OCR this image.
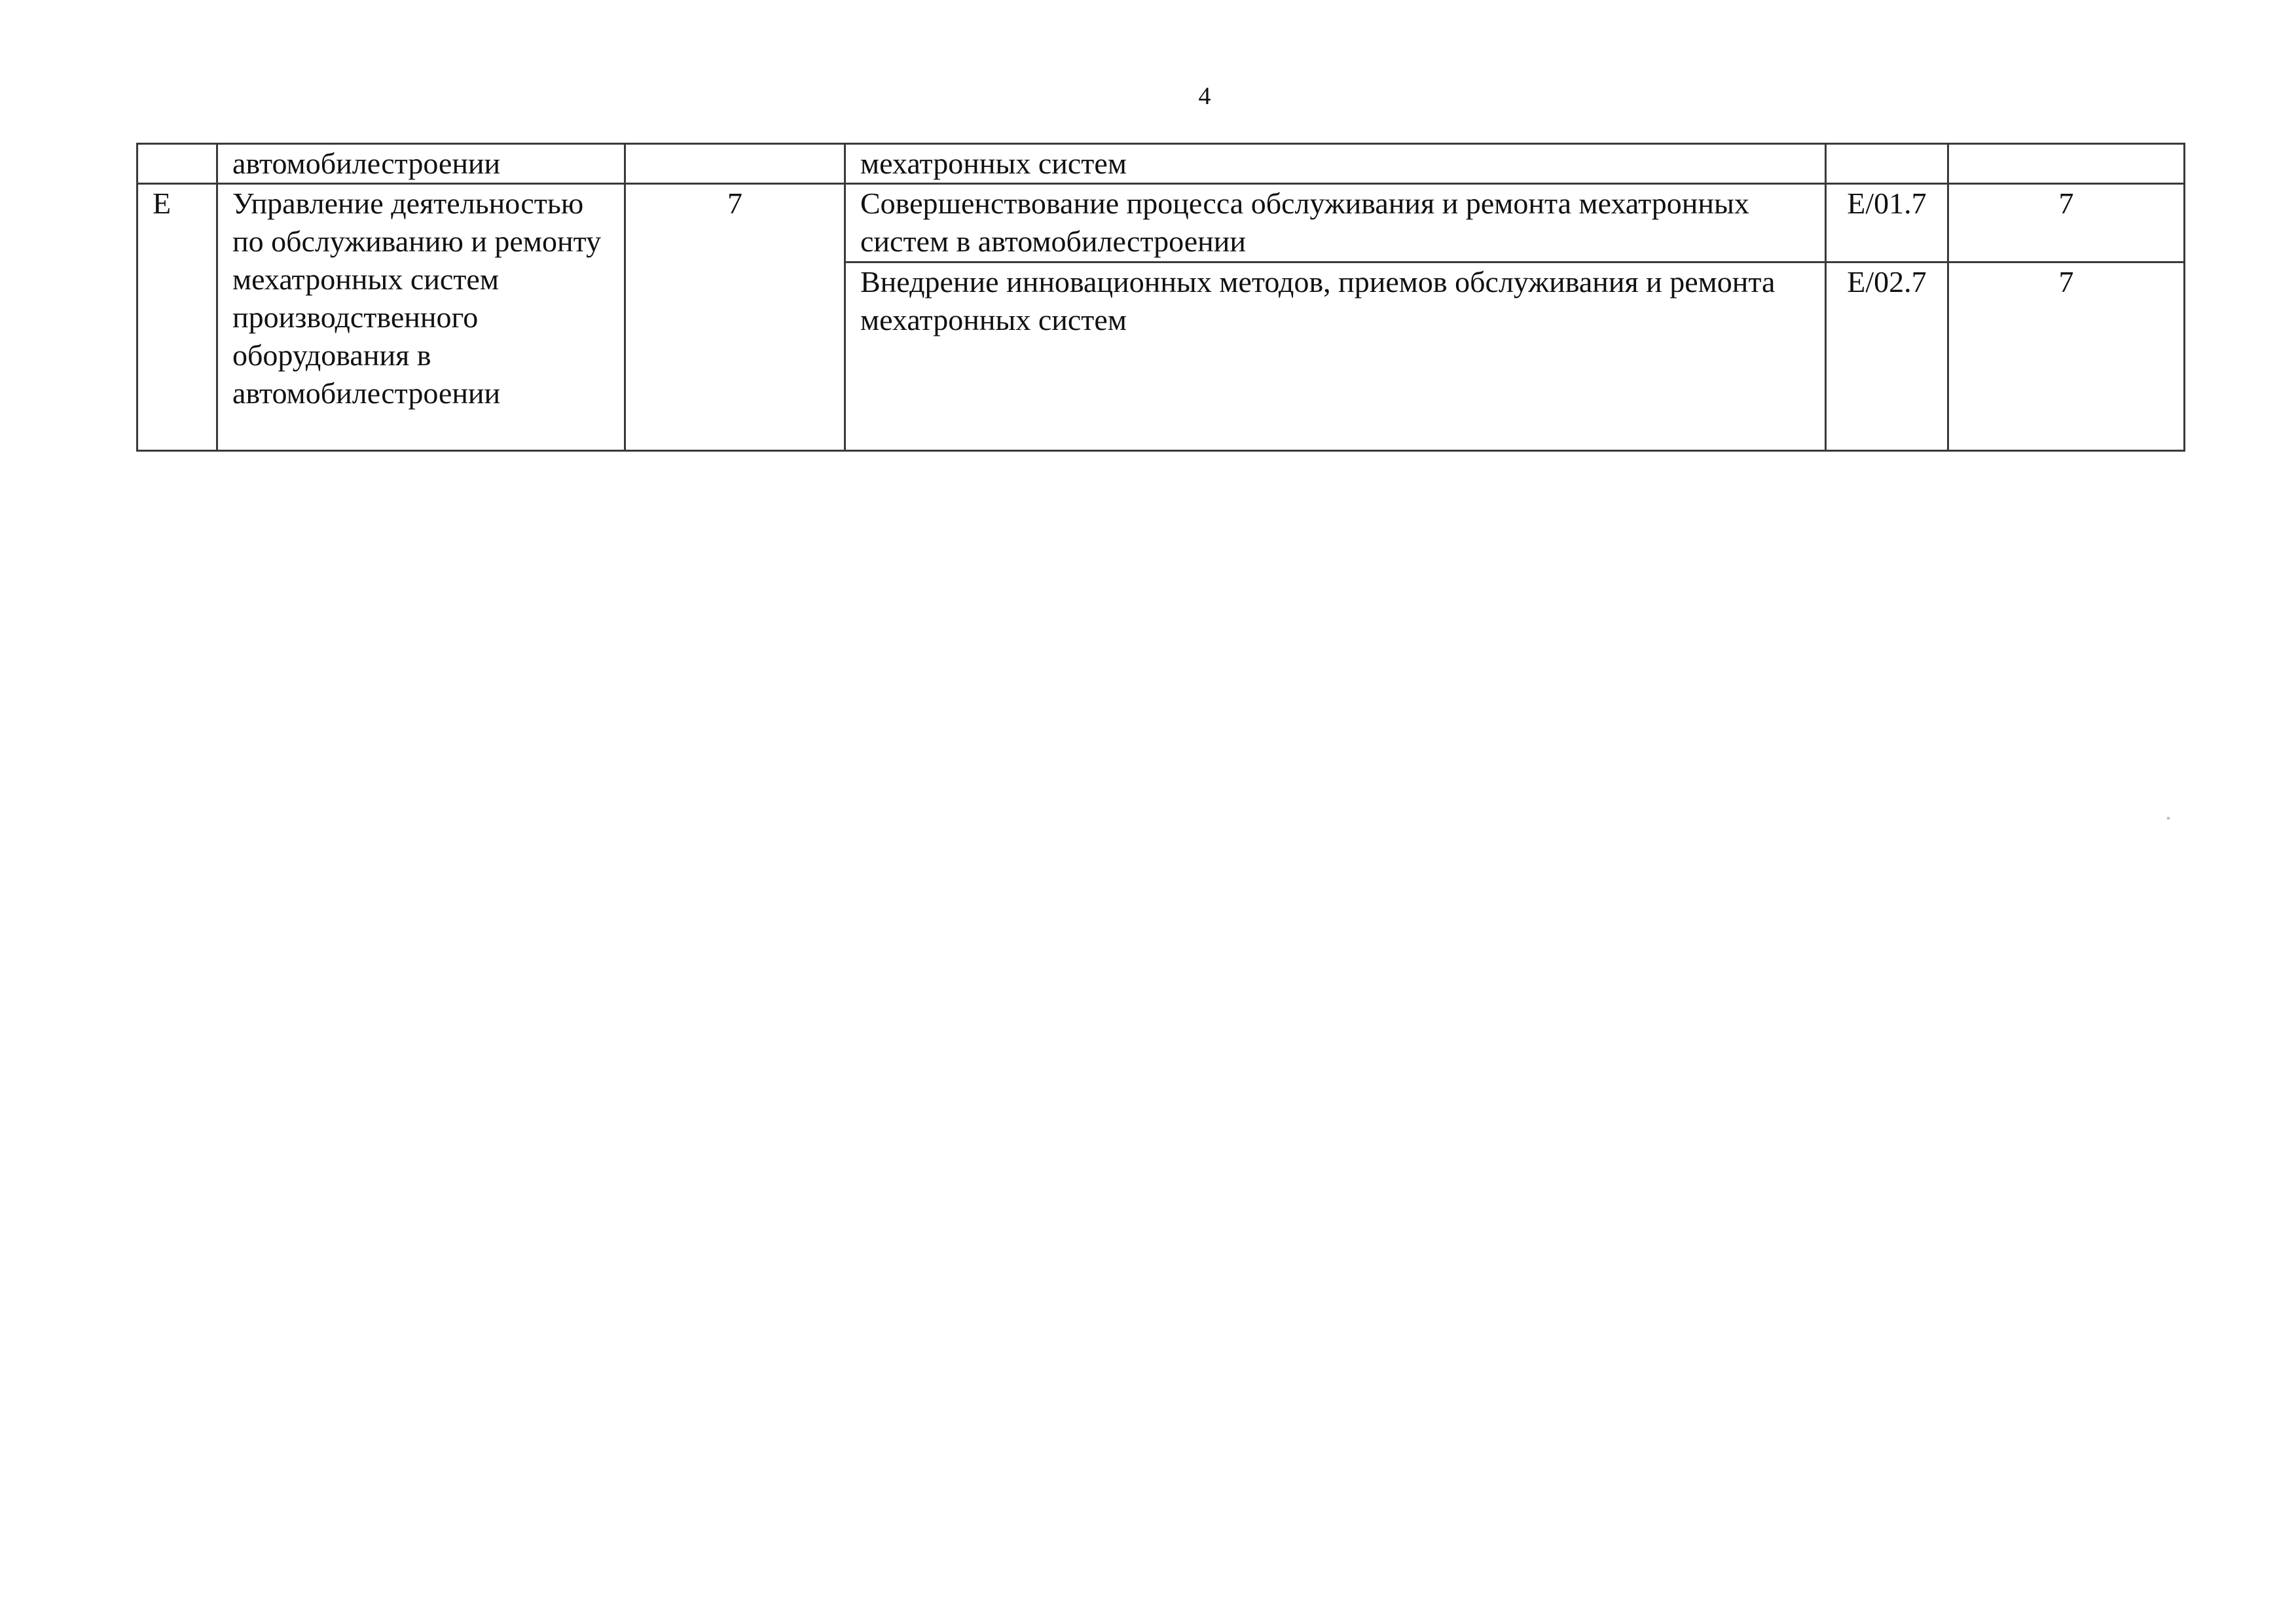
4
	автомобилестроении		мехатронных систем		
E	Управление деятельностью по обслуживанию и ремонту мехатронных систем производственного оборудования в автомобилестроении	7	Совершенствование процесса обслуживания и ремонта мехатронных систем в автомобилестроении	E/01.7	7
			Внедрение инновационных методов, приемов обслуживания и ремонта мехатронных систем	E/02.7	7
